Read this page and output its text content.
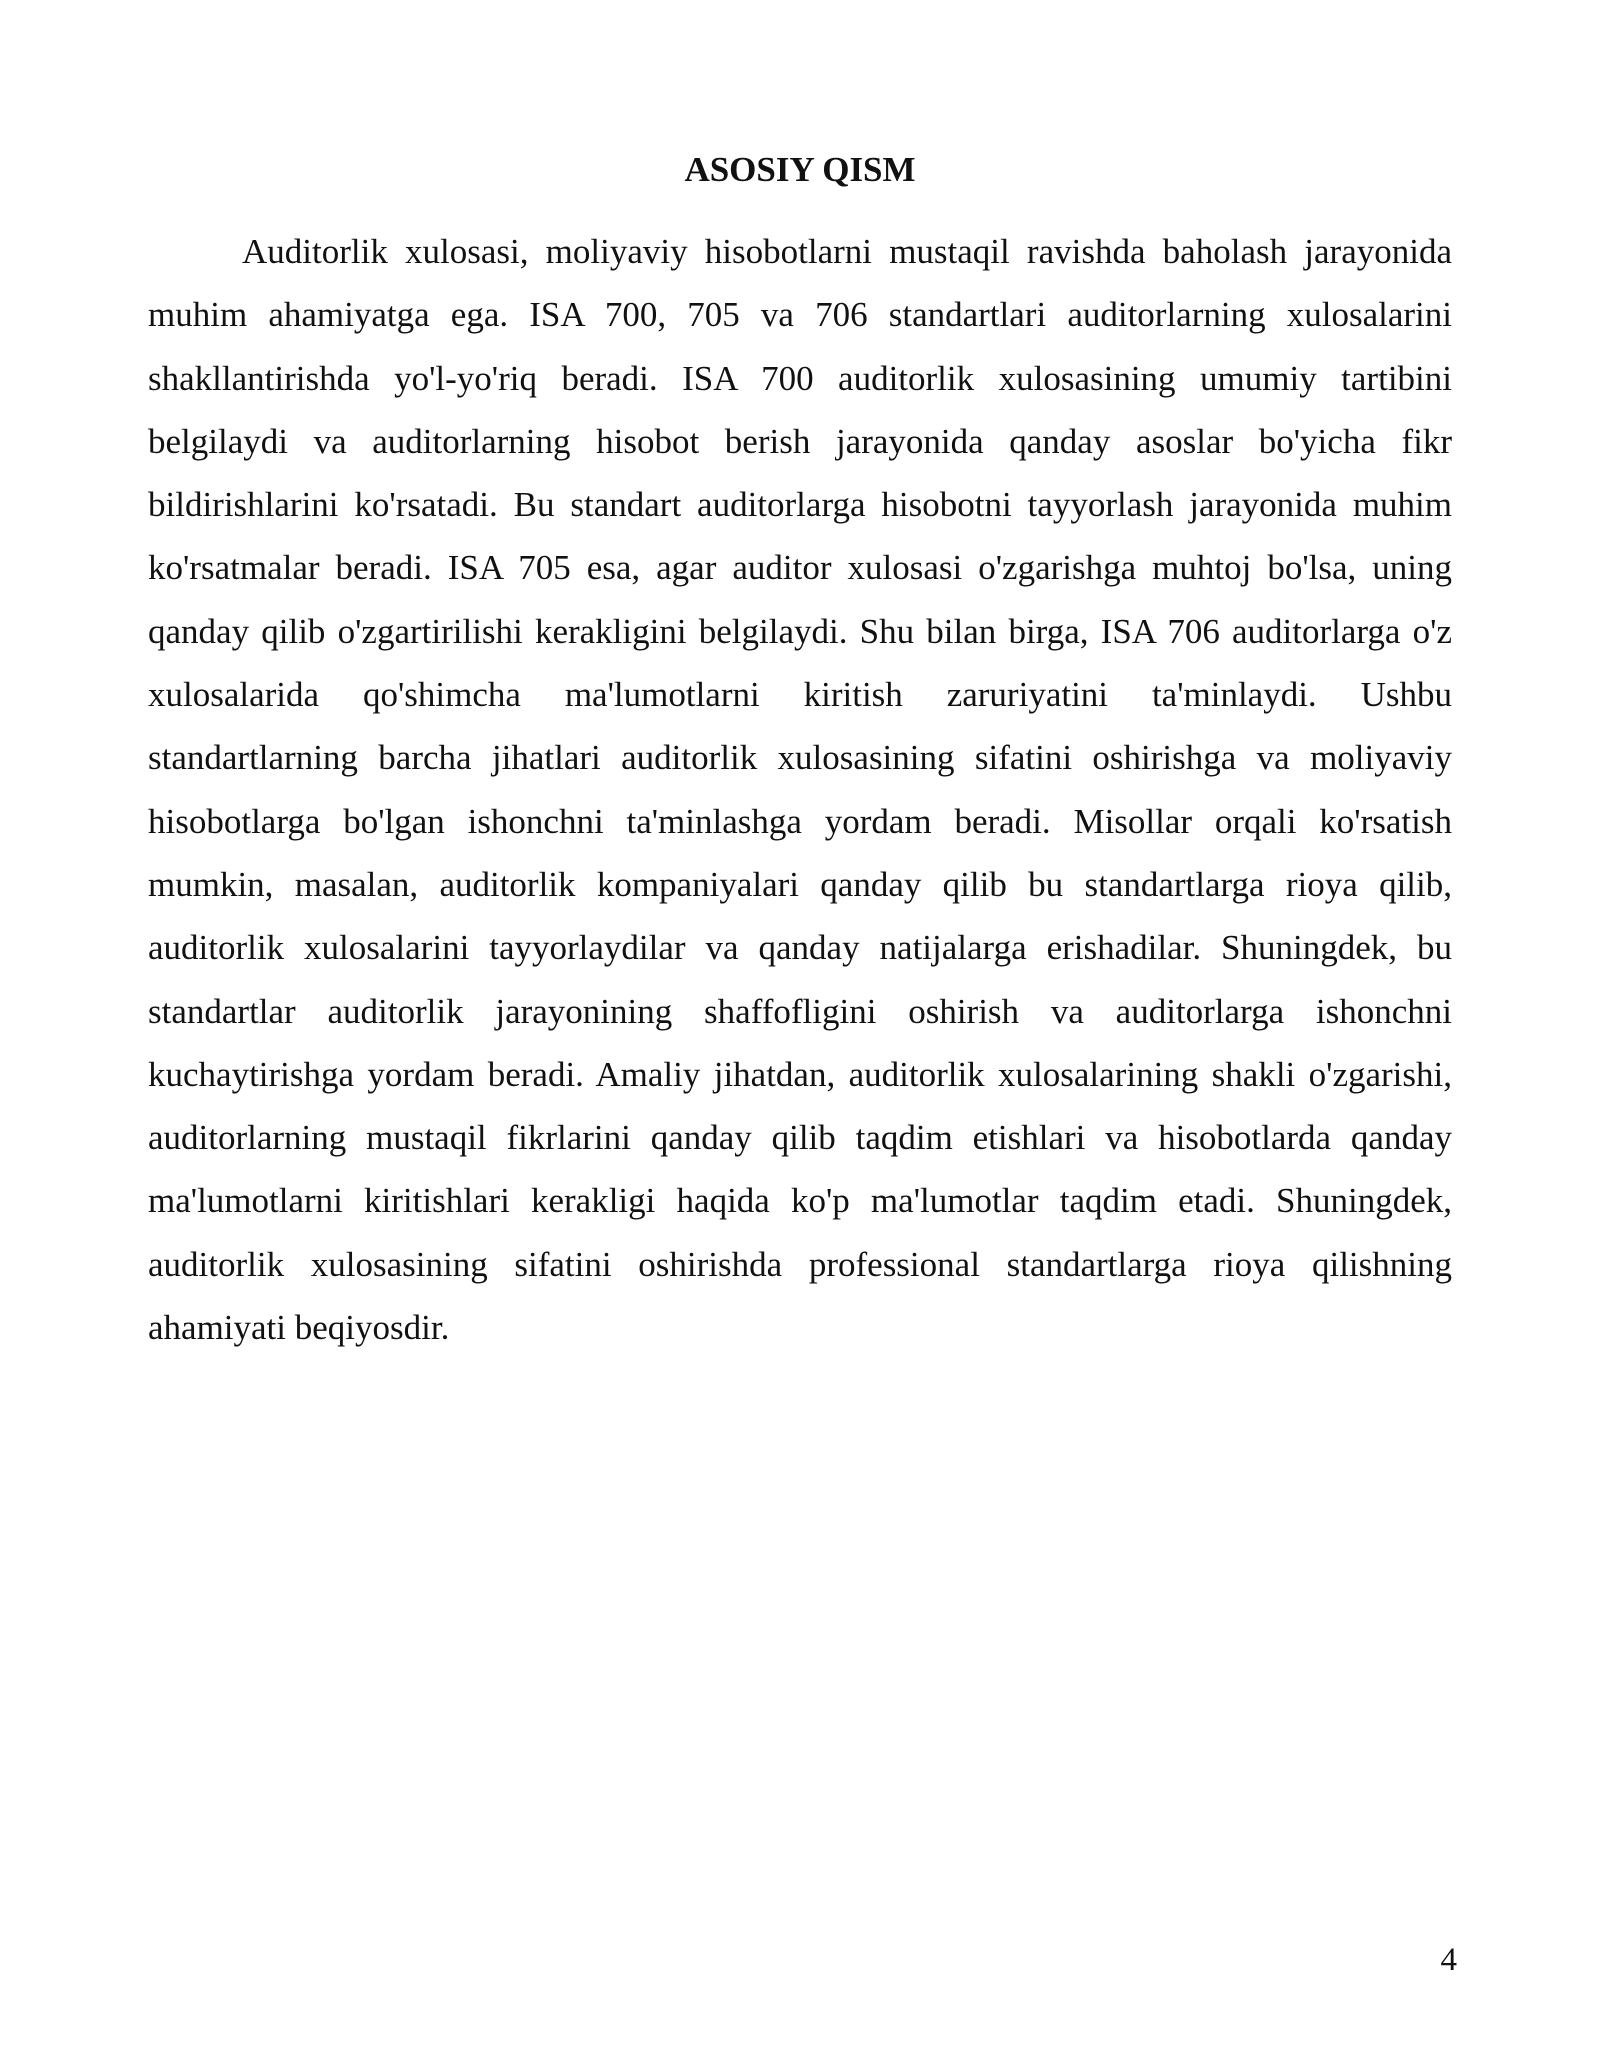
ASOSIY QISM

Auditorlik xulosasi, moliyaviy hisobotlarni mustaqil ravishda baholash jarayonida muhim ahamiyatga ega. ISA 700, 705 va 706 standartlari auditorlarning xulosalarini shakllantirishda yo'l-yo'riq beradi. ISA 700 auditorlik xulosasining umumiy tartibini belgilaydi va auditorlarning hisobot berish jarayonida qanday asoslar bo'yicha fikr bildirishlarini ko'rsatadi. Bu standart auditorlarga hisobotni tayyorlash jarayonida muhim ko'rsatmalar beradi. ISA 705 esa, agar auditor xulosasi o'zgarishga muhtoj bo'lsa, uning qanday qilib o'zgartirilishi kerakligini belgilaydi. Shu bilan birga, ISA 706 auditorlarga o'z xulosalarida qo'shimcha ma'lumotlarni kiritish zaruriyatini ta'minlaydi. Ushbu standartlarning barcha jihatlari auditorlik xulosasining sifatini oshirishga va moliyaviy hisobotlarga bo'lgan ishonchni ta'minlashga yordam beradi. Misollar orqali ko'rsatish mumkin, masalan, auditorlik kompaniyalari qanday qilib bu standartlarga rioya qilib, auditorlik xulosalarini tayyorlaydilar va qanday natijalarga erishadilar. Shuningdek, bu standartlar auditorlik jarayonining shaffofligini oshirish va auditorlarga ishonchni kuchaytirishga yordam beradi. Amaliy jihatdan, auditorlik xulosalarining shakli o'zgarishi, auditorlarning mustaqil fikrlarini qanday qilib taqdim etishlari va hisobotlarda qanday ma'lumotlarni kiritishlari kerakligi haqida ko'p ma'lumotlar taqdim etadi. Shuningdek, auditorlik xulosasining sifatini oshirishda professional standartlarga rioya qilishning ahamiyati beqiyosdir.

4
